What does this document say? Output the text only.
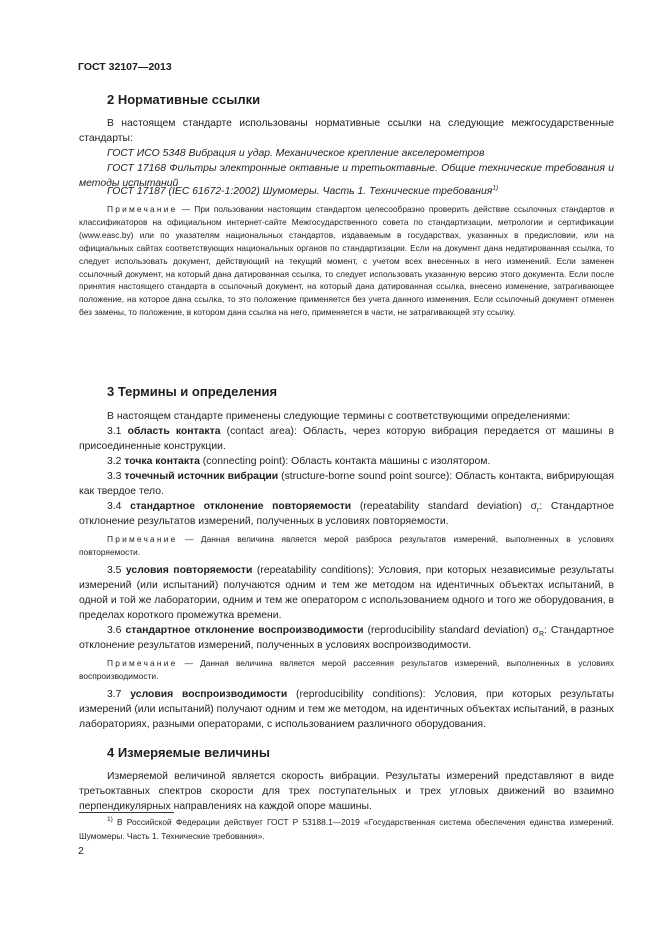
ГОСТ 32107—2013
2 Нормативные ссылки
В настоящем стандарте использованы нормативные ссылки на следующие межгосударственные стандарты:
ГОСТ ИСО 5348 Вибрация и удар. Механическое крепление акселерометров
ГОСТ 17168 Фильтры электронные октавные и третьоктавные. Общие технические требования и методы испытаний
ГОСТ 17187 (IEC 61672-1:2002) Шумомеры. Часть 1. Технические требования$^{1)}$
Примечание — При пользовании настоящим стандартом целесообразно проверить действие ссылочных стандартов и классификаторов на официальном интернет-сайте Межгосударственного совета по стандартизации, метрологии и сертификации (www.easc.by) или по указателям национальных стандартов, издаваемым в государствах, указанных в предисловии, или на официальных сайтах соответствующих национальных органов по стандартизации. Если на документ дана недатированная ссылка, то следует использовать документ, действующий на текущий момент, с учетом всех внесенных в него изменений. Если заменен ссылочный документ, на который дана датированная ссылка, то следует использовать указанную версию этого документа. Если после принятия настоящего стандарта в ссылочный документ, на который дана датированная ссылка, внесено изменение, затрагивающее положение, на которое дана ссылка, то это положение применяется без учета данного изменения. Если ссылочный документ отменен без замены, то положение, в котором дана ссылка на него, применяется в части, не затрагивающей эту ссылку.
3 Термины и определения
В настоящем стандарте применены следующие термины с соответствующими определениями:
3.1 область контакта (contact area): Область, через которую вибрация передается от машины в присоединенные конструкции.
3.2 точка контакта (connecting point): Область контакта машины с изолятором.
3.3 точечный источник вибрации (structure-borne sound point source): Область контакта, вибрирующая как твердое тело.
3.4 стандартное отклонение повторяемости (repeatability standard deviation) $\sigma_r$: Стандартное отклонение результатов измерений, полученных в условиях повторяемости.
Примечание — Данная величина является мерой разброса результатов измерений, выполненных в условиях повторяемости.
3.5 условия повторяемости (repeatability conditions): Условия, при которых независимые результаты измерений (или испытаний) получаются одним и тем же методом на идентичных объектах испытаний, в одной и той же лаборатории, одним и тем же оператором с использованием одного и того же оборудования, в пределах короткого промежутка времени.
3.6 стандартное отклонение воспроизводимости (reproducibility standard deviation) $\sigma_R$: Стандартное отклонение результатов измерений, полученных в условиях воспроизводимости.
Примечание — Данная величина является мерой рассеяния результатов измерений, выполненных в условиях воспроизводимости.
3.7 условия воспроизводимости (reproducibility conditions): Условия, при которых результаты измерений (или испытаний) получают одним и тем же методом, на идентичных объектах испытаний, в разных лабораториях, разными операторами, с использованием различного оборудования.
4 Измеряемые величины
Измеряемой величиной является скорость вибрации. Результаты измерений представляют в виде третьоктавных спектров скорости для трех поступательных и трех угловых движений во взаимно перпендикулярных направлениях на каждой опоре машины.
$^{1)}$ В Российской Федерации действует ГОСТ Р 53188.1—2019 «Государственная система обеспечения единства измерений. Шумомеры. Часть 1. Технические требования».
2
